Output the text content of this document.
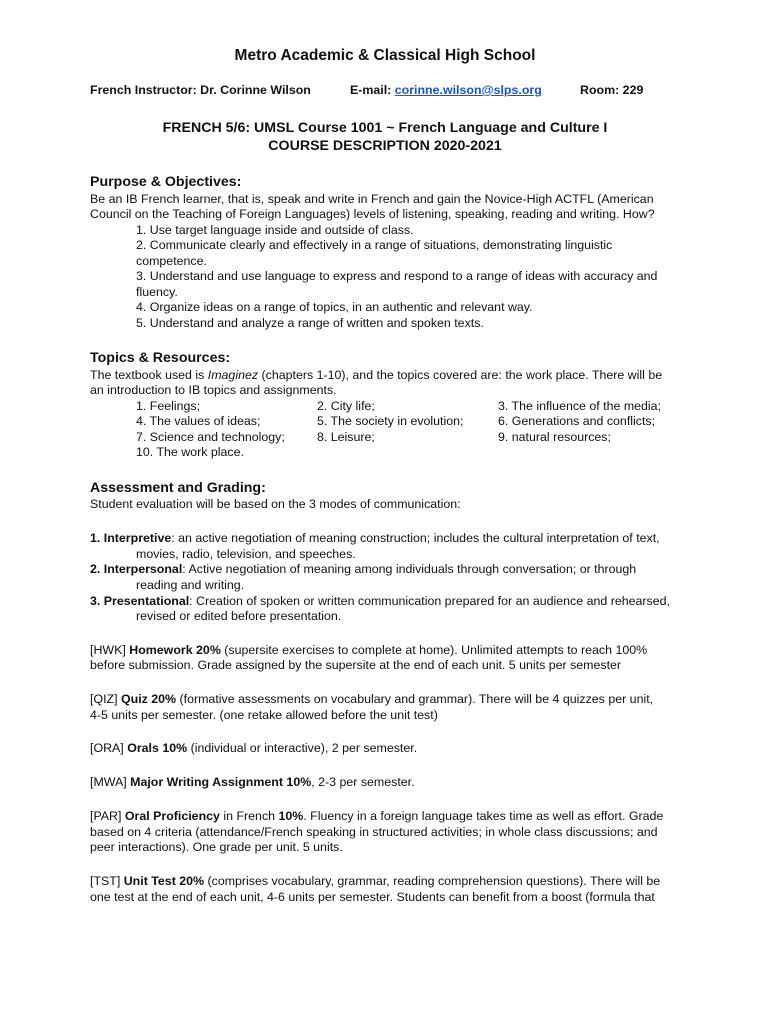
Metro Academic & Classical High School
French Instructor: Dr. Corinne Wilson	E-mail: corinne.wilson@slps.org	Room: 229
FRENCH 5/6: UMSL Course 1001 ~ French Language and Culture I
COURSE DESCRIPTION 2020-2021
Purpose & Objectives:
Be an IB French learner, that is, speak and write in French and gain the Novice-High ACTFL (American
Council on the Teaching of Foreign Languages) levels of listening, speaking, reading and writing. How?
1. Use target language inside and outside of class.
2. Communicate clearly and effectively in a range of situations, demonstrating linguistic
competence.
3. Understand and use language to express and respond to a range of ideas with accuracy and
fluency.
4. Organize ideas on a range of topics, in an authentic and relevant way.
5. Understand and analyze a range of written and spoken texts.
Topics & Resources:
The textbook used is Imaginez (chapters 1-10), and the topics covered are: the work place. There will be
an introduction to IB topics and assignments.
1. Feelings;
4. The values of ideas;
7. Science and technology;
10. The work place.
2. City life;
5. The society in evolution;
8. Leisure;
3. The influence of the media;
6. Generations and conflicts;
9. natural resources;
Assessment and Grading:
Student evaluation will be based on the 3 modes of communication:
1. Interpretive: an active negotiation of meaning construction; includes the cultural interpretation of text,
movies, radio, television, and speeches.
2. Interpersonal: Active negotiation of meaning among individuals through conversation; or through
reading and writing.
3. Presentational: Creation of spoken or written communication prepared for an audience and rehearsed,
revised or edited before presentation.
[HWK] Homework 20% (supersite exercises to complete at home). Unlimited attempts to reach 100%
before submission. Grade assigned by the supersite at the end of each unit. 5 units per semester
[QIZ] Quiz 20% (formative assessments on vocabulary and grammar). There will be 4 quizzes per unit,
4-5 units per semester. (one retake allowed before the unit test)
[ORA] Orals 10% (individual or interactive), 2 per semester.
[MWA] Major Writing Assignment 10%, 2-3 per semester.
[PAR] Oral Proficiency in French 10%. Fluency in a foreign language takes time as well as effort. Grade
based on 4 criteria (attendance/French speaking in structured activities; in whole class discussions; and
peer interactions). One grade per unit. 5 units.
[TST] Unit Test 20% (comprises vocabulary, grammar, reading comprehension questions). There will be
one test at the end of each unit, 4-6 units per semester. Students can benefit from a boost (formula that
